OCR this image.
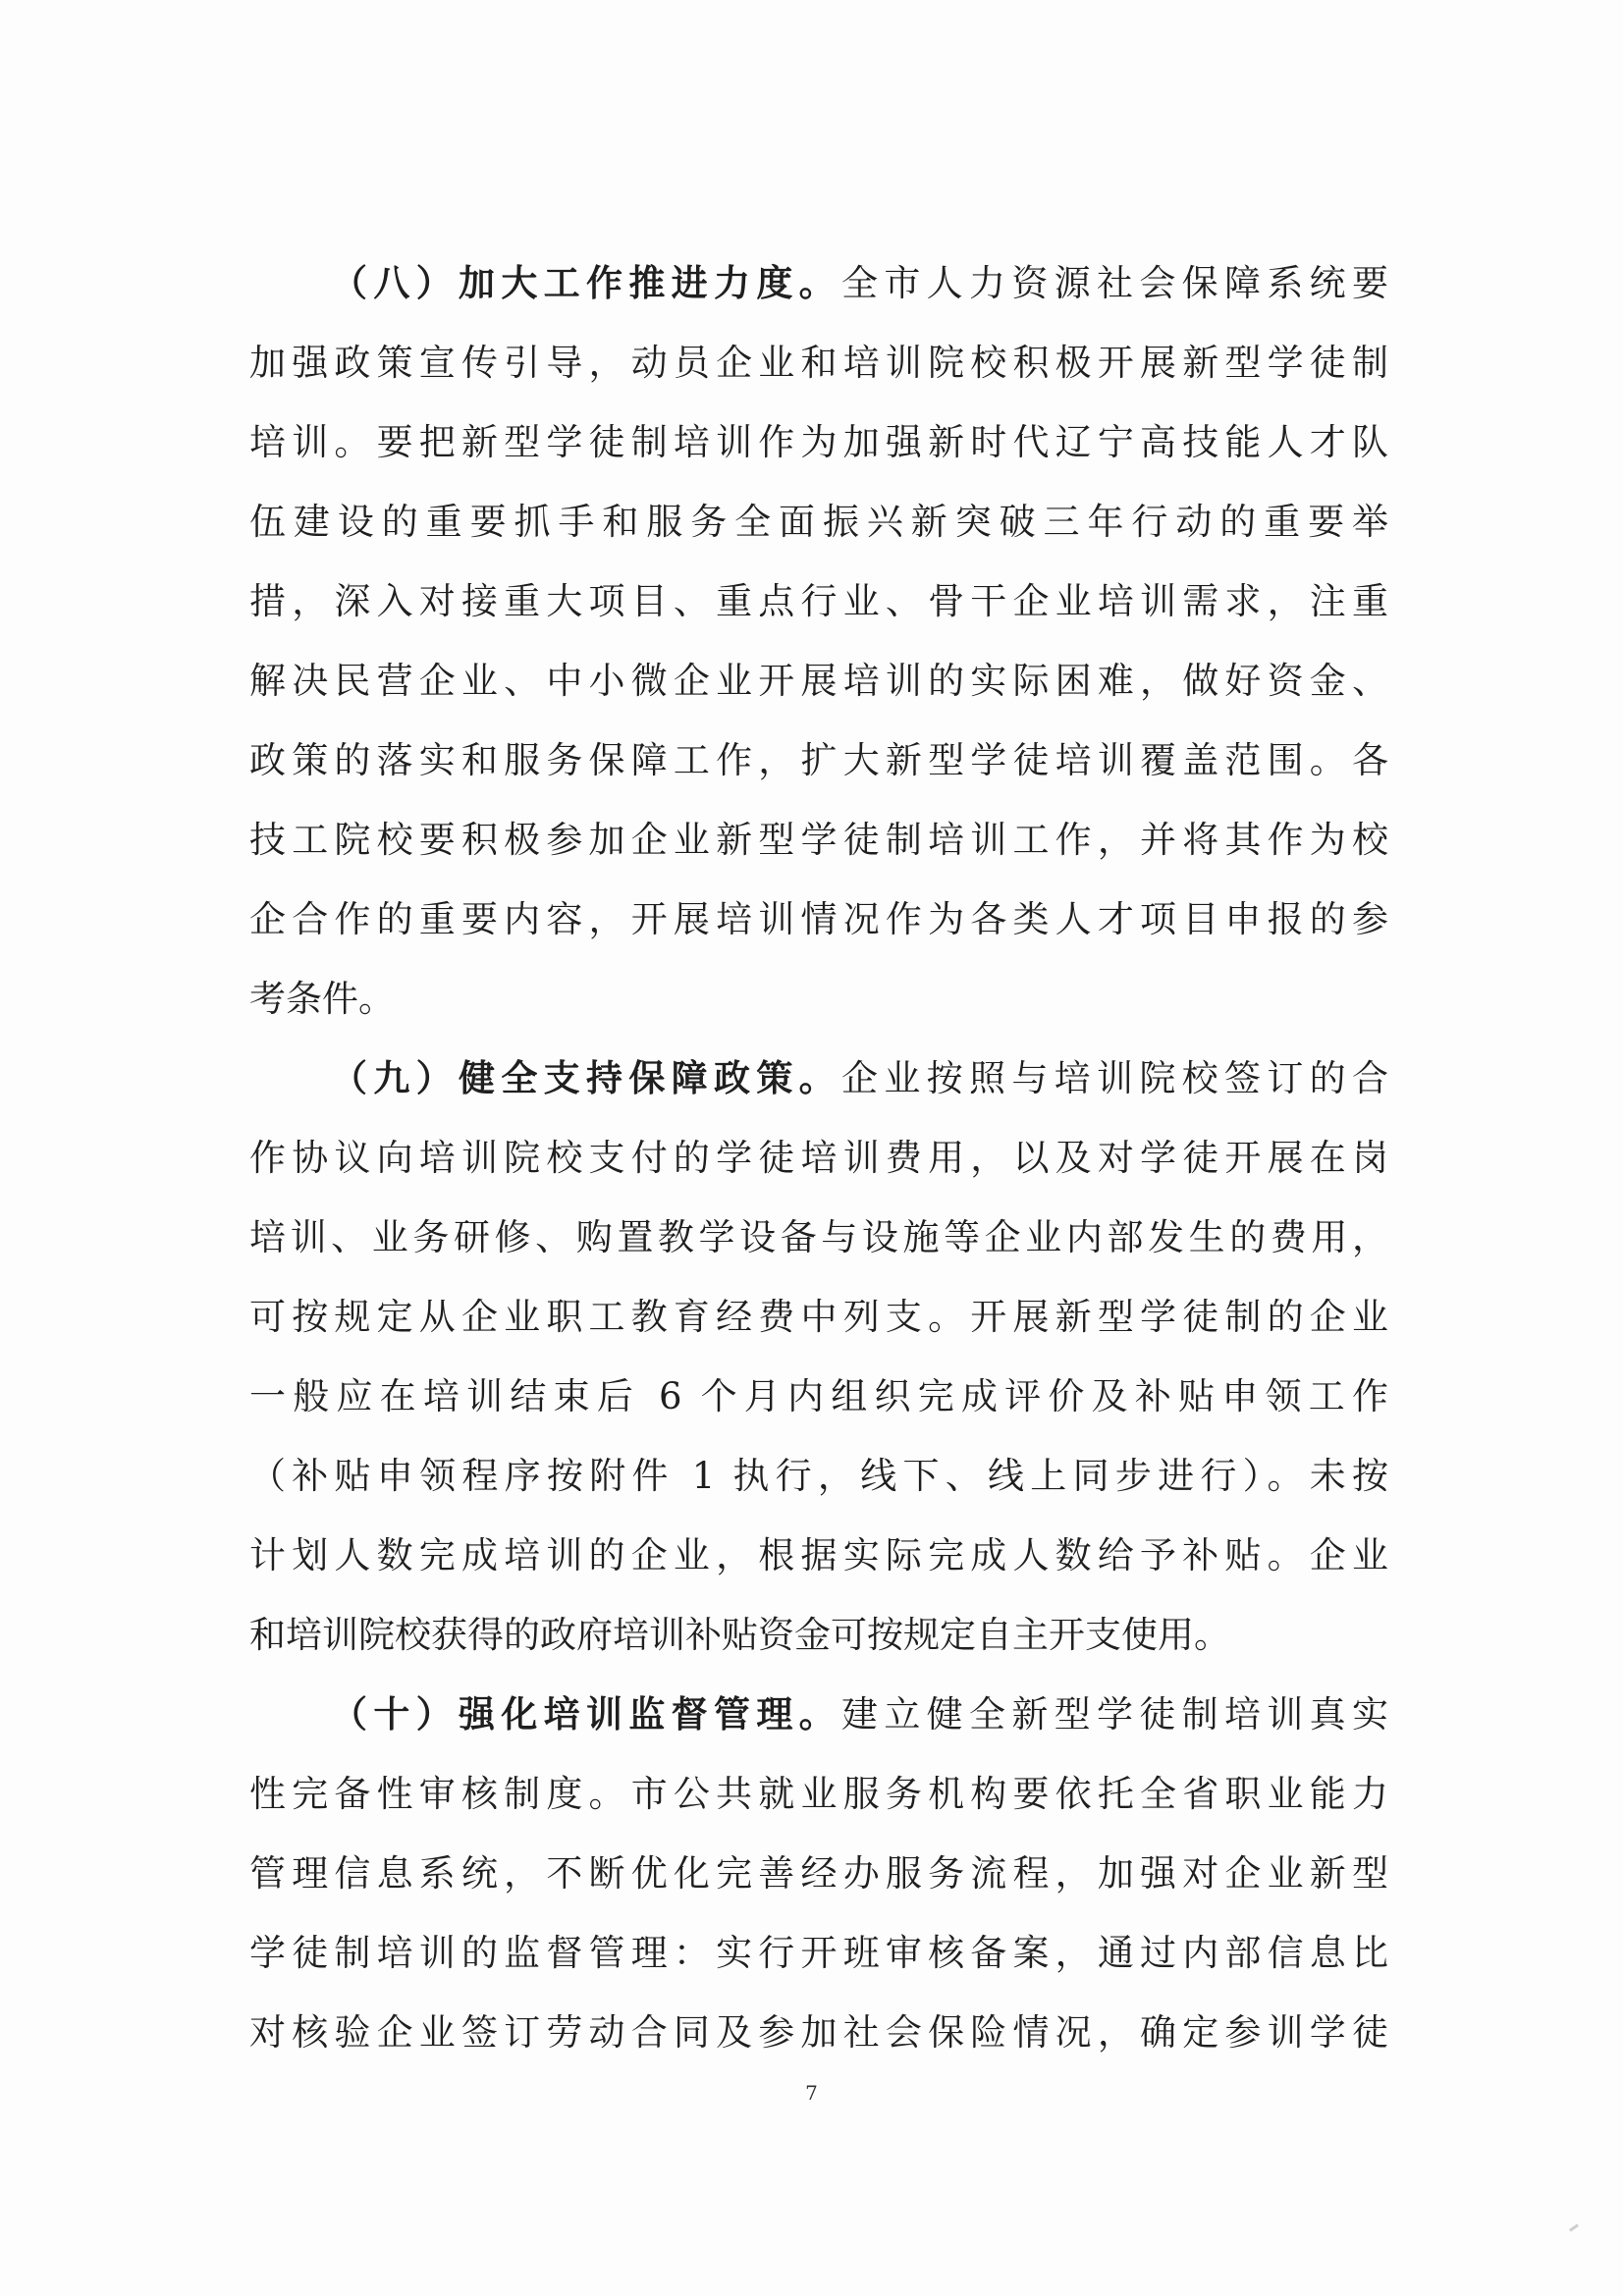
（八）加大工作推进力度。全市人力资源社会保障系统要
加强政策宣传引导，动员企业和培训院校积极开展新型学徒制
培训。要把新型学徒制培训作为加强新时代辽宁高技能人才队
伍建设的重要抓手和服务全面振兴新突破三年行动的重要举
措，深入对接重大项目、重点行业、骨干企业培训需求，注重
解决民营企业、中小微企业开展培训的实际困难，做好资金、
政策的落实和服务保障工作，扩大新型学徒培训覆盖范围。各
技工院校要积极参加企业新型学徒制培训工作，并将其作为校
企合作的重要内容，开展培训情况作为各类人才项目申报的参
考条件。
（九）健全支持保障政策。企业按照与培训院校签订的合
作协议向培训院校支付的学徒培训费用，以及对学徒开展在岗
培训、业务研修、购置教学设备与设施等企业内部发生的费用，
可按规定从企业职工教育经费中列支。开展新型学徒制的企业
一般应在培训结束后 6 个月内组织完成评价及补贴申领工作
（补贴申领程序按附件 1 执行，线下、线上同步进行）。未按
计划人数完成培训的企业，根据实际完成人数给予补贴。企业
和培训院校获得的政府培训补贴资金可按规定自主开支使用。
（十）强化培训监督管理。建立健全新型学徒制培训真实
性完备性审核制度。市公共就业服务机构要依托全省职业能力
管理信息系统，不断优化完善经办服务流程，加强对企业新型
学徒制培训的监督管理：实行开班审核备案，通过内部信息比
对核验企业签订劳动合同及参加社会保险情况，确定参训学徒
7
